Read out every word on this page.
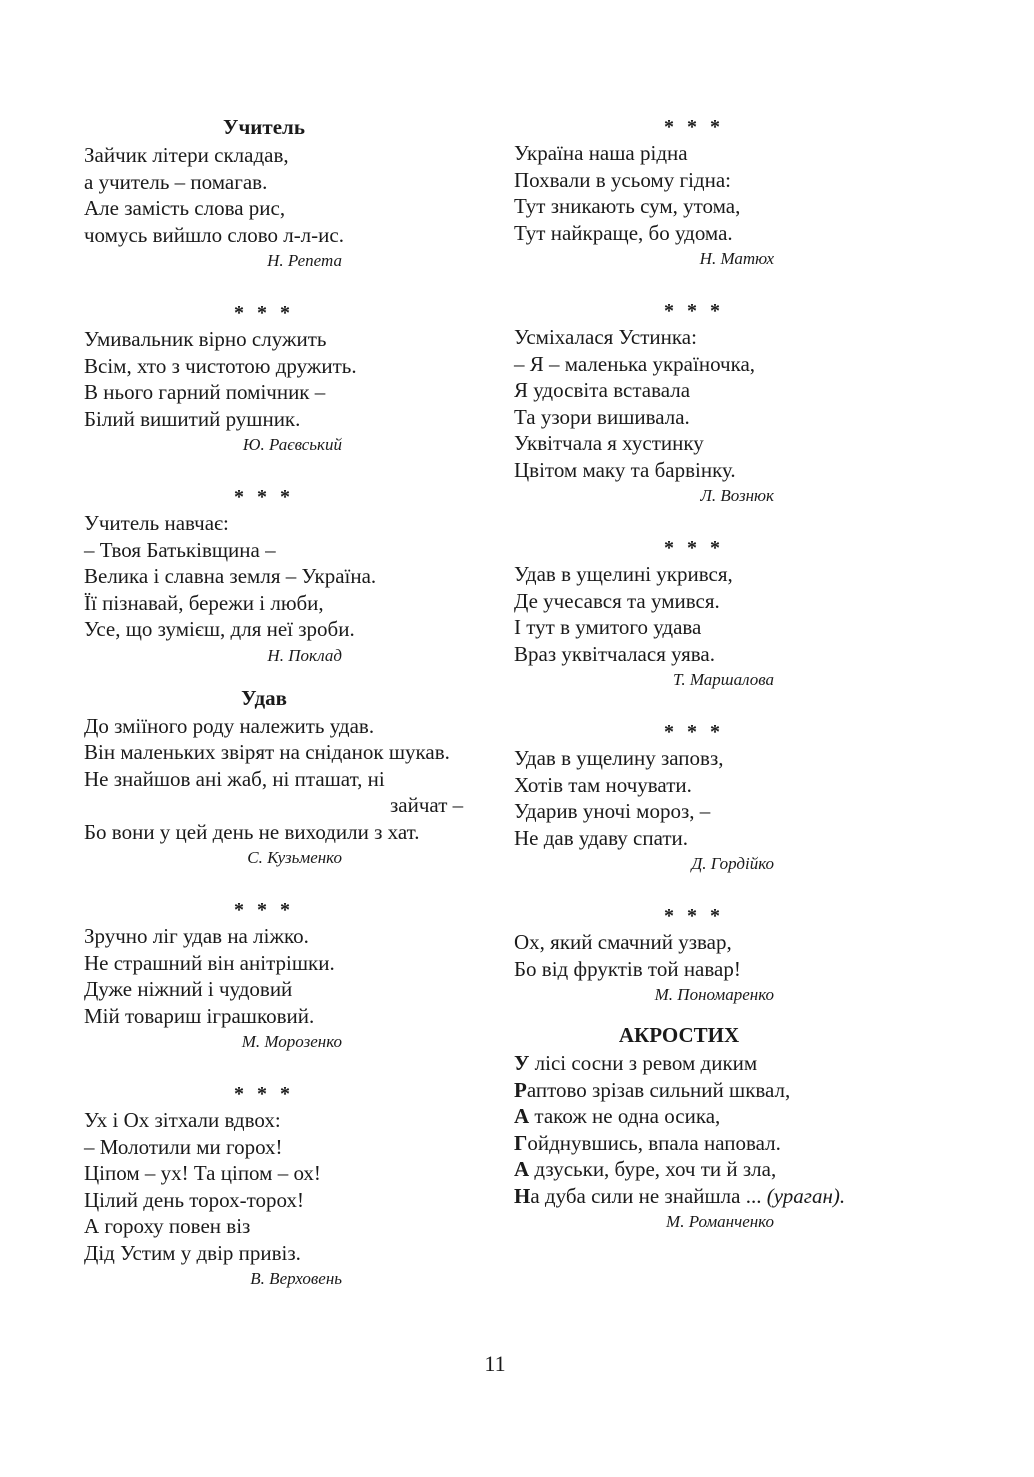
Учитель
Зайчик літери складав,
а учитель – помагав.
Але замість слова рис,
чомусь вийшло слово л-л-ис.
Н. Репета
* * *
Умивальник вірно служить
Всім, хто з чистотою дружить.
В нього гарний помічник –
Білий вишитий рушник.
Ю. Раєвський
* * *
Учитель навчає:
– Твоя Батьківщина –
Велика і славна земля – Україна.
Її пізнавай, бережи і люби,
Усе, що зумієш, для неї зроби.
Н. Поклад
Удав
До зміїного роду належить удав.
Він маленьких звірят на сніданок шукав.
Не знайшов ані жаб, ні пташат, ні
зайчат –
Бо вони у цей день не виходили з хат.
С. Кузьменко
* * *
Зручно ліг удав на ліжко.
Не страшний він анітрішки.
Дуже ніжний і чудовий
Мій товариш іграшковий.
М. Морозенко
* * *
Ух і Ох зітхали вдвох:
– Молотили ми горох!
Ціпом – ух! Та ціпом – ох!
Цілий день торох-торох!
А гороху повен віз
Дід Устим у двір привіз.
В. Верховень
* * *
Україна наша рідна
Похвали в усьому гідна:
Тут зникають сум, утома,
Тут найкраще, бо удома.
Н. Матюх
* * *
Усміхалася Устинка:
– Я – маленька україночка,
Я удосвіта вставала
Та узори вишивала.
Уквітчала я хустинку
Цвітом маку та барвінку.
Л. Вознюк
* * *
Удав в ущелині укрився,
Де учесався та умився.
І тут в умитого удава
Враз уквітчалася уява.
Т. Маршалова
* * *
Удав в ущелину заповз,
Хотів там ночувати.
Ударив уночі мороз, –
Не дав удаву спати.
Д. Гордійко
* * *
Ох, який смачний узвар,
Бо від фруктів той навар!
М. Пономаренко
АКРОСТИХ
У лісі сосни з ревом диким
Раптово зрізав сильний шквал,
А також не одна осика,
Гойднувшись, впала наповал.
А дзуськи, буре, хоч ти й зла,
На дуба сили не знайшла ... (ураган).
М. Романченко
11
